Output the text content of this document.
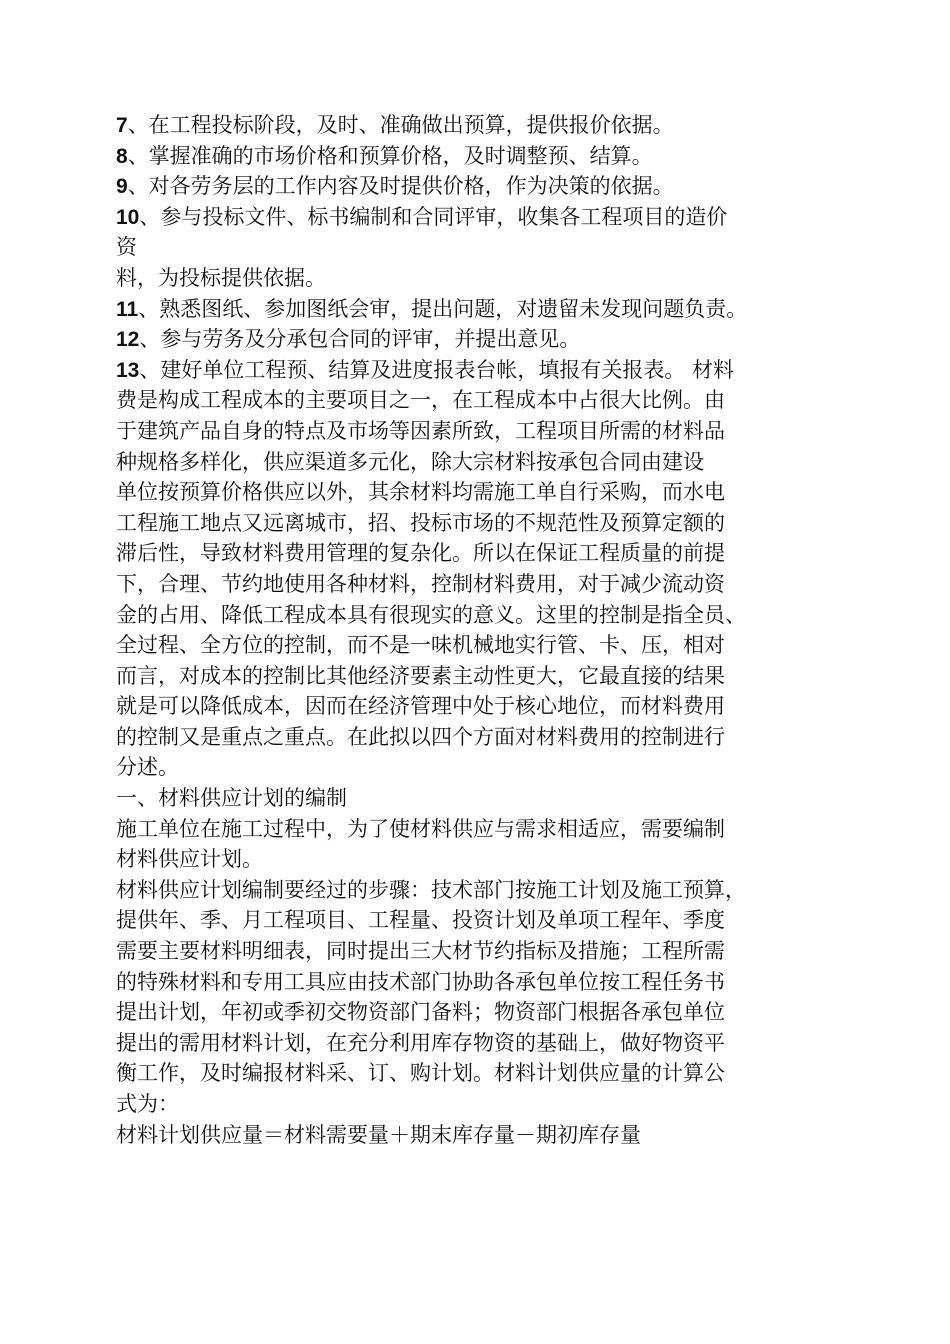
7、在工程投标阶段，及时、准确做出预算，提供报价依据。
8、掌握准确的市场价格和预算价格，及时调整预、结算。
9、对各劳务层的工作内容及时提供价格，作为决策的依据。
10、参与投标文件、标书编制和合同评审，收集各工程项目的造价
资
料，为投标提供依据。
11、熟悉图纸、参加图纸会审，提出问题，对遗留未发现问题负责。
12、参与劳务及分承包合同的评审，并提出意见。
13、建好单位工程预、结算及进度报表台帐，填报有关报表。 材料
费是构成工程成本的主要项目之一，在工程成本中占很大比例。由
于建筑产品自身的特点及市场等因素所致，工程项目所需的材料品
种规格多样化，供应渠道多元化，除大宗材料按承包合同由建设
单位按预算价格供应以外，其余材料均需施工单自行采购，而水电
工程施工地点又远离城市，招、投标市场的不规范性及预算定额的
滞后性，导致材料费用管理的复杂化。所以在保证工程质量的前提
下，合理、节约地使用各种材料，控制材料费用，对于减少流动资
金的占用、降低工程成本具有很现实的意义。这里的控制是指全员、
全过程、全方位的控制，而不是一味机械地实行管、卡、压，相对
而言，对成本的控制比其他经济要素主动性更大，它最直接的结果
就是可以降低成本，因而在经济管理中处于核心地位，而材料费用
的控制又是重点之重点。在此拟以四个方面对材料费用的控制进行
分述。
一、材料供应计划的编制
施工单位在施工过程中，为了使材料供应与需求相适应，需要编制
材料供应计划。
材料供应计划编制要经过的步骤：技术部门按施工计划及施工预算，
提供年、季、月工程项目、工程量、投资计划及单项工程年、季度
需要主要材料明细表，同时提出三大材节约指标及措施；工程所需
的特殊材料和专用工具应由技术部门协助各承包单位按工程任务书
提出计划，年初或季初交物资部门备料；物资部门根据各承包单位
提出的需用材料计划，在充分利用库存物资的基础上，做好物资平
衡工作，及时编报材料采、订、购计划。材料计划供应量的计算公
式为：
材料计划供应量＝材料需要量＋期末库存量－期初库存量
